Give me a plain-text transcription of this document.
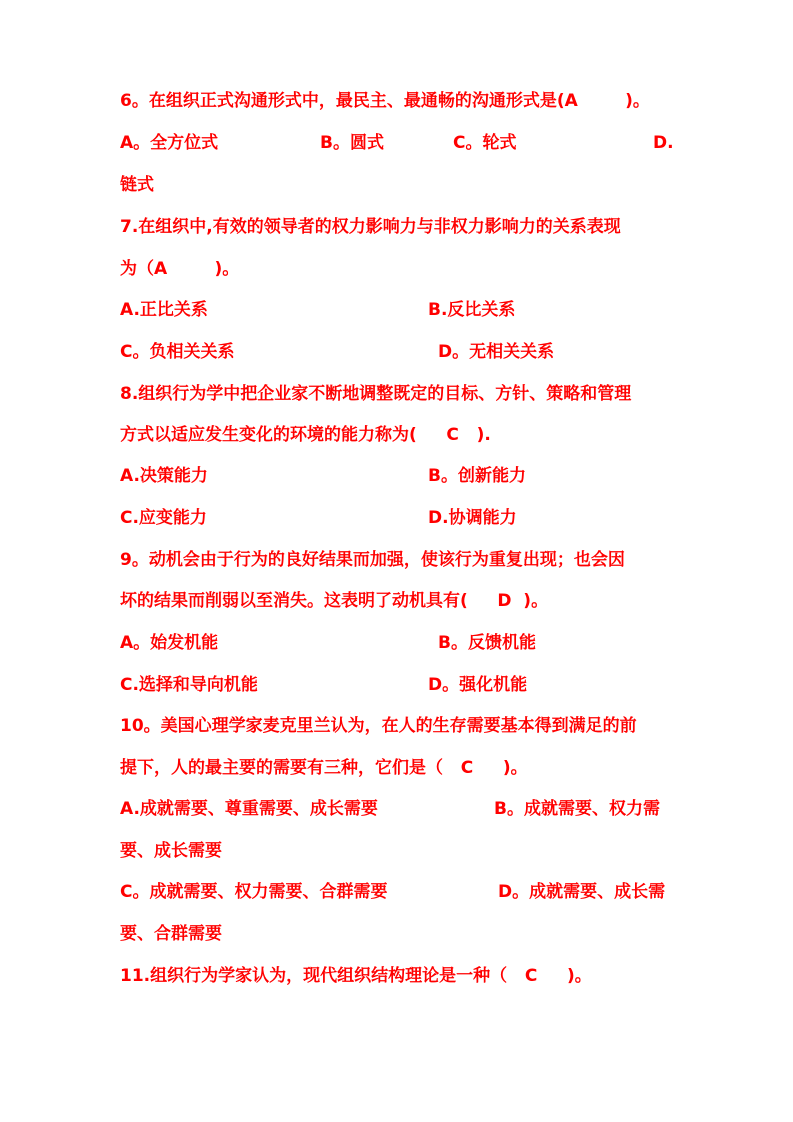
6。在组织正式沟通形式中，最民主、最通畅的沟通形式是(A        )。
A。全方位式	B。圆式	C。轮式	D.
链式
7.在组织中,有效的领导者的权力影响力与非权力影响力的关系表现
为（A        )。
A.正比关系	B.反比关系
C。负相关关系	D。无相关关系
8.组织行为学中把企业家不断地调整既定的目标、方针、策略和管理
方式以适应发生变化的环境的能力称为(     C   ).
A.决策能力	B。创新能力
C.应变能力	D.协调能力
9。动机会由于行为的良好结果而加强，使该行为重复出现；也会因
坏的结果而削弱以至消失。这表明了动机具有(     D  )。
A。始发机能	B。反馈机能
C.选择和导向机能	D。强化机能
10。美国心理学家麦克里兰认为，在人的生存需要基本得到满足的前
提下，人的最主要的需要有三种，它们是（   C     )。
A.成就需要、尊重需要、成长需要	B。成就需要、权力需
要、成长需要
C。成就需要、权力需要、合群需要	D。成就需要、成长需
要、合群需要
11.组织行为学家认为，现代组织结构理论是一种（   C     )。
